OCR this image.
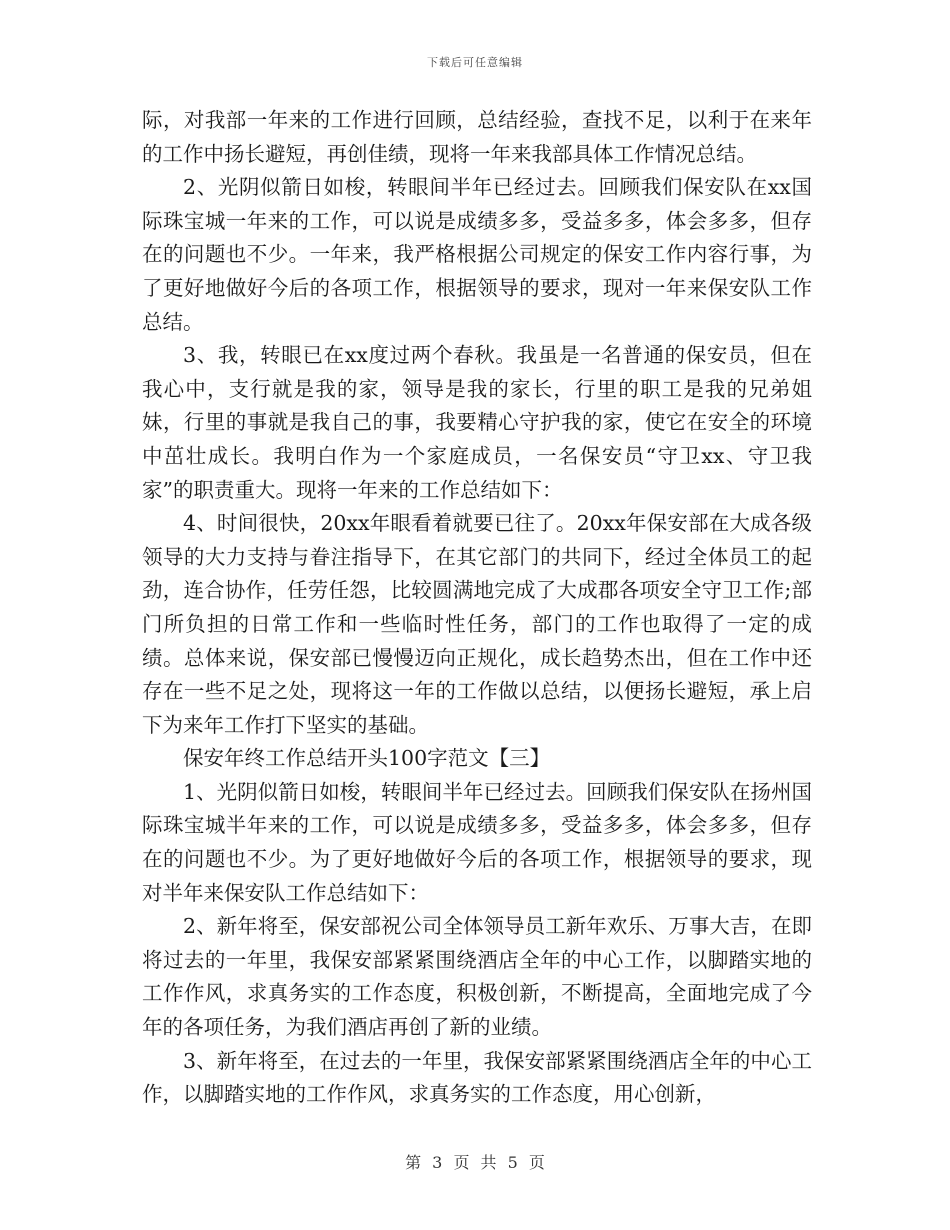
下载后可任意编辑

际，对我部一年来的工作进行回顾，总结经验，查找不足，以利于在来年的工作中扬长避短，再创佳绩，现将一年来我部具体工作情况总结。

2、光阴似箭日如梭，转眼间半年已经过去。回顾我们保安队在xx国际珠宝城一年来的工作，可以说是成绩多多，受益多多，体会多多，但存在的问题也不少。一年来，我严格根据公司规定的保安工作内容行事，为了更好地做好今后的各项工作，根据领导的要求，现对一年来保安队工作总结。

3、我，转眼已在xx度过两个春秋。我虽是一名普通的保安员，但在我心中，支行就是我的家，领导是我的家长，行里的职工是我的兄弟姐妹，行里的事就是我自己的事，我要精心守护我的家，使它在安全的环境中茁壮成长。我明白作为一个家庭成员，一名保安员“守卫xx、守卫我家”的职责重大。现将一年来的工作总结如下：

4、时间很快，20xx年眼看着就要已往了。20xx年保安部在大成各级领导的大力支持与眷注指导下，在其它部门的共同下，经过全体员工的起劲，连合协作，任劳任怨，比较圆满地完成了大成郡各项安全守卫工作;部门所负担的日常工作和一些临时性任务，部门的工作也取得了一定的成绩。总体来说，保安部已慢慢迈向正规化，成长趋势杰出，但在工作中还存在一些不足之处，现将这一年的工作做以总结，以便扬长避短，承上启下为来年工作打下坚实的基础。

保安年终工作总结开头100字范文【三】

1、光阴似箭日如梭，转眼间半年已经过去。回顾我们保安队在扬州国际珠宝城半年来的工作，可以说是成绩多多，受益多多，体会多多，但存在的问题也不少。为了更好地做好今后的各项工作，根据领导的要求，现对半年来保安队工作总结如下：

2、新年将至，保安部祝公司全体领导员工新年欢乐、万事大吉，在即将过去的一年里，我保安部紧紧围绕酒店全年的中心工作，以脚踏实地的工作作风，求真务实的工作态度，积极创新，不断提高，全面地完成了今年的各项任务，为我们酒店再创了新的业绩。

3、新年将至，在过去的一年里，我保安部紧紧围绕酒店全年的中心工作，以脚踏实地的工作作风，求真务实的工作态度，用心创新，

第 3 页 共 5 页
